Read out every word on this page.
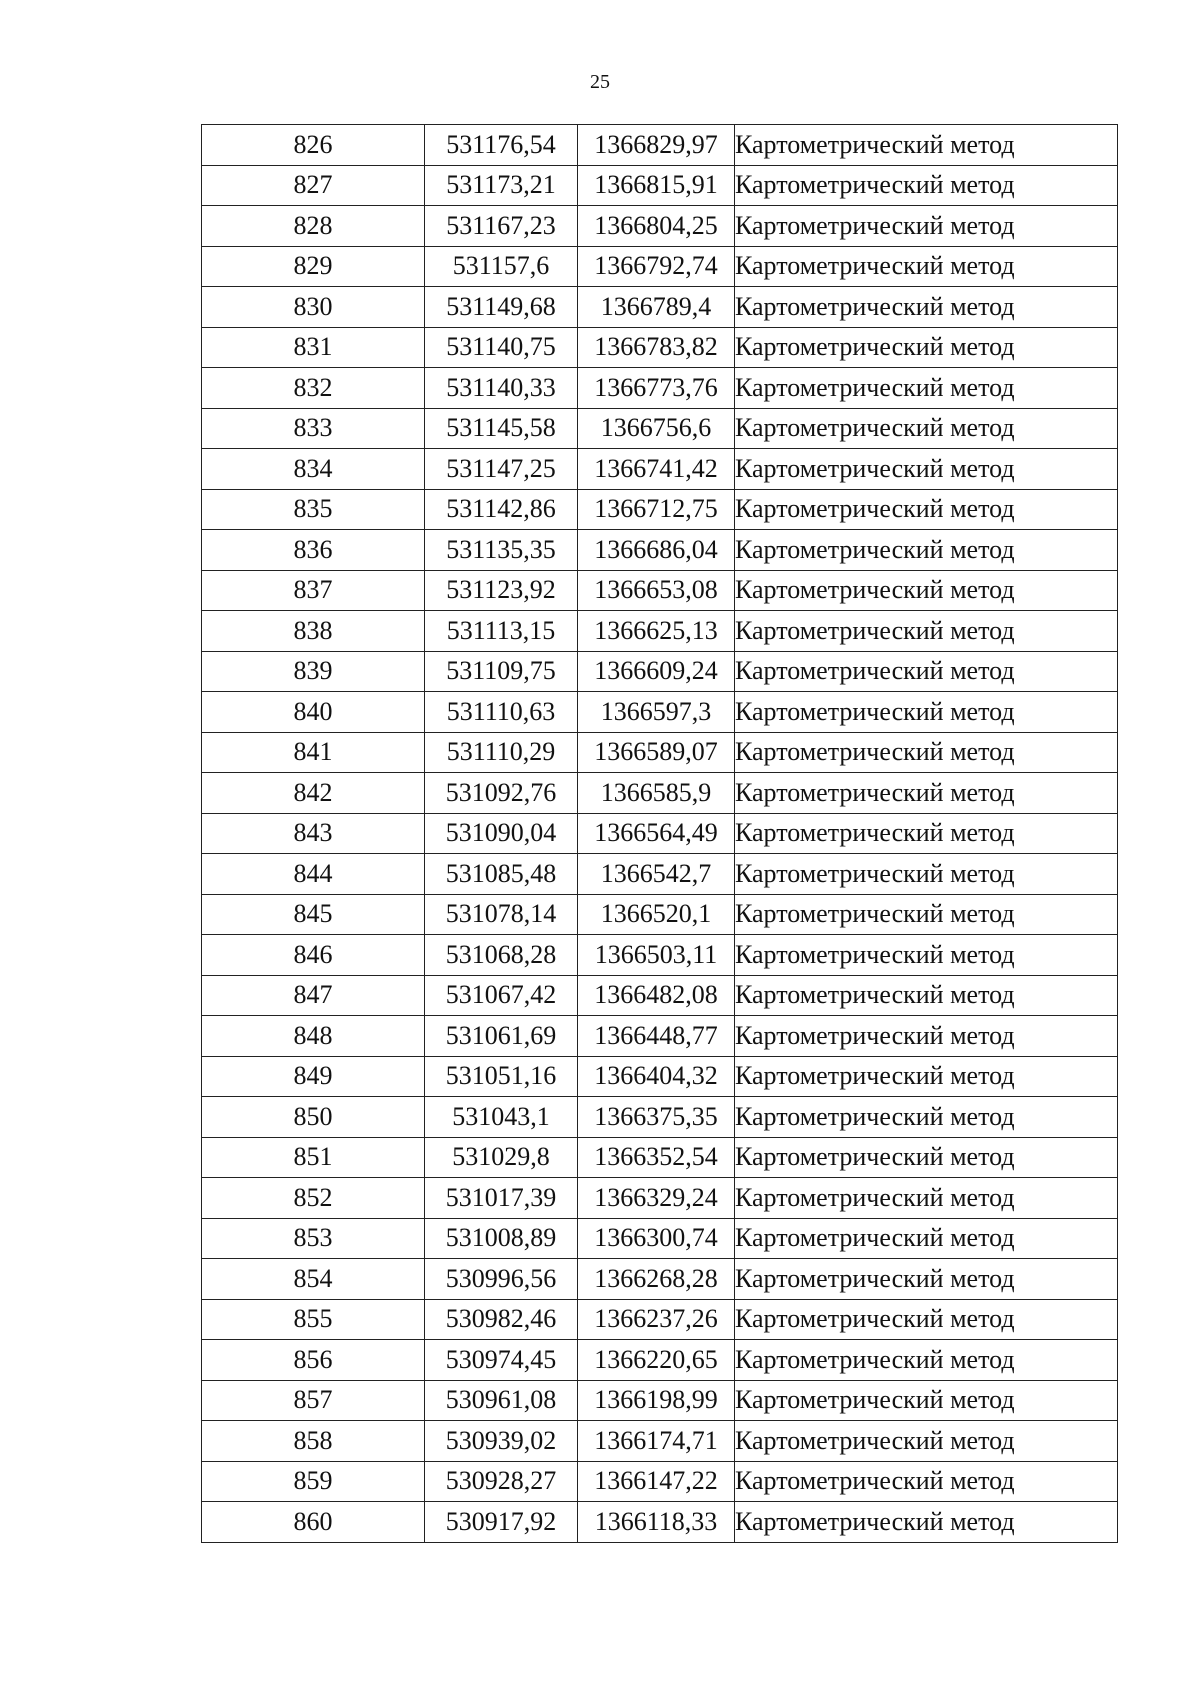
25
826	531176,54	1366829,97	Картометрический метод
827	531173,21	1366815,91	Картометрический метод
828	531167,23	1366804,25	Картометрический метод
829	531157,6	1366792,74	Картометрический метод
830	531149,68	1366789,4	Картометрический метод
831	531140,75	1366783,82	Картометрический метод
832	531140,33	1366773,76	Картометрический метод
833	531145,58	1366756,6	Картометрический метод
834	531147,25	1366741,42	Картометрический метод
835	531142,86	1366712,75	Картометрический метод
836	531135,35	1366686,04	Картометрический метод
837	531123,92	1366653,08	Картометрический метод
838	531113,15	1366625,13	Картометрический метод
839	531109,75	1366609,24	Картометрический метод
840	531110,63	1366597,3	Картометрический метод
841	531110,29	1366589,07	Картометрический метод
842	531092,76	1366585,9	Картометрический метод
843	531090,04	1366564,49	Картометрический метод
844	531085,48	1366542,7	Картометрический метод
845	531078,14	1366520,1	Картометрический метод
846	531068,28	1366503,11	Картометрический метод
847	531067,42	1366482,08	Картометрический метод
848	531061,69	1366448,77	Картометрический метод
849	531051,16	1366404,32	Картометрический метод
850	531043,1	1366375,35	Картометрический метод
851	531029,8	1366352,54	Картометрический метод
852	531017,39	1366329,24	Картометрический метод
853	531008,89	1366300,74	Картометрический метод
854	530996,56	1366268,28	Картометрический метод
855	530982,46	1366237,26	Картометрический метод
856	530974,45	1366220,65	Картометрический метод
857	530961,08	1366198,99	Картометрический метод
858	530939,02	1366174,71	Картометрический метод
859	530928,27	1366147,22	Картометрический метод
860	530917,92	1366118,33	Картометрический метод
